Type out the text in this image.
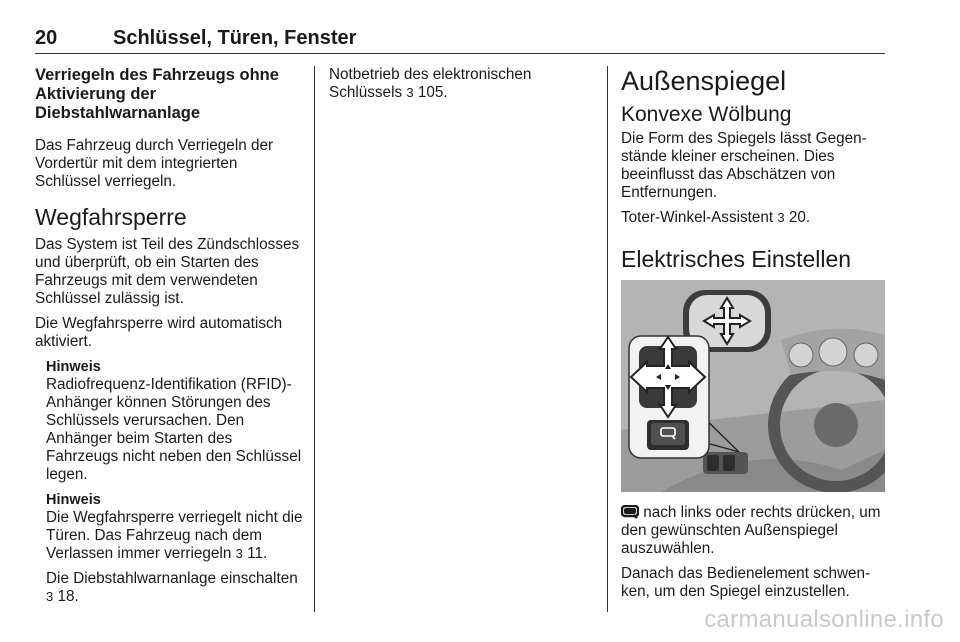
20	Schlüssel, Türen, Fenster
Verriegeln des Fahrzeugs ohne Aktivierung der Diebstahlwarnanlage

Das Fahrzeug durch Verriegeln der Vordertür mit dem integrierten Schlüssel verriegeln.

Wegfahrsperre

Das System ist Teil des Zündschlosses und überprüft, ob ein Starten des Fahrzeugs mit dem verwendeten Schlüssel zulässig ist.

Die Wegfahrsperre wird automatisch aktiviert.

Hinweis

Radiofrequenz-Identifikation (RFID)-Anhänger können Störungen des Schlüssels verursachen. Den Anhänger beim Starten des Fahrzeugs nicht neben den Schlüssel legen.

Hinweis

Die Wegfahrsperre verriegelt nicht die Türen. Das Fahrzeug nach dem Verlassen immer verriegeln 3 11.

Die Diebstahlwarnanlage einschalten 3 18.

Notbetrieb des elektronischen Schlüssels 3 105.	Außenspiegel
Konvexe Wölbung

Die Form des Spiegels lässt Gegenstände kleiner erscheinen. Dies beeinflusst das Abschätzen von Entfernungen.

Toter-Winkel-Assistent 3 20.

Elektrisches Einstellen

nach links oder rechts drücken, um den gewünschten Außenspiegel auszuwählen.

Danach das Bedienelement schwenken, um den Spiegel einzustellen.

carmanualsonline.info
